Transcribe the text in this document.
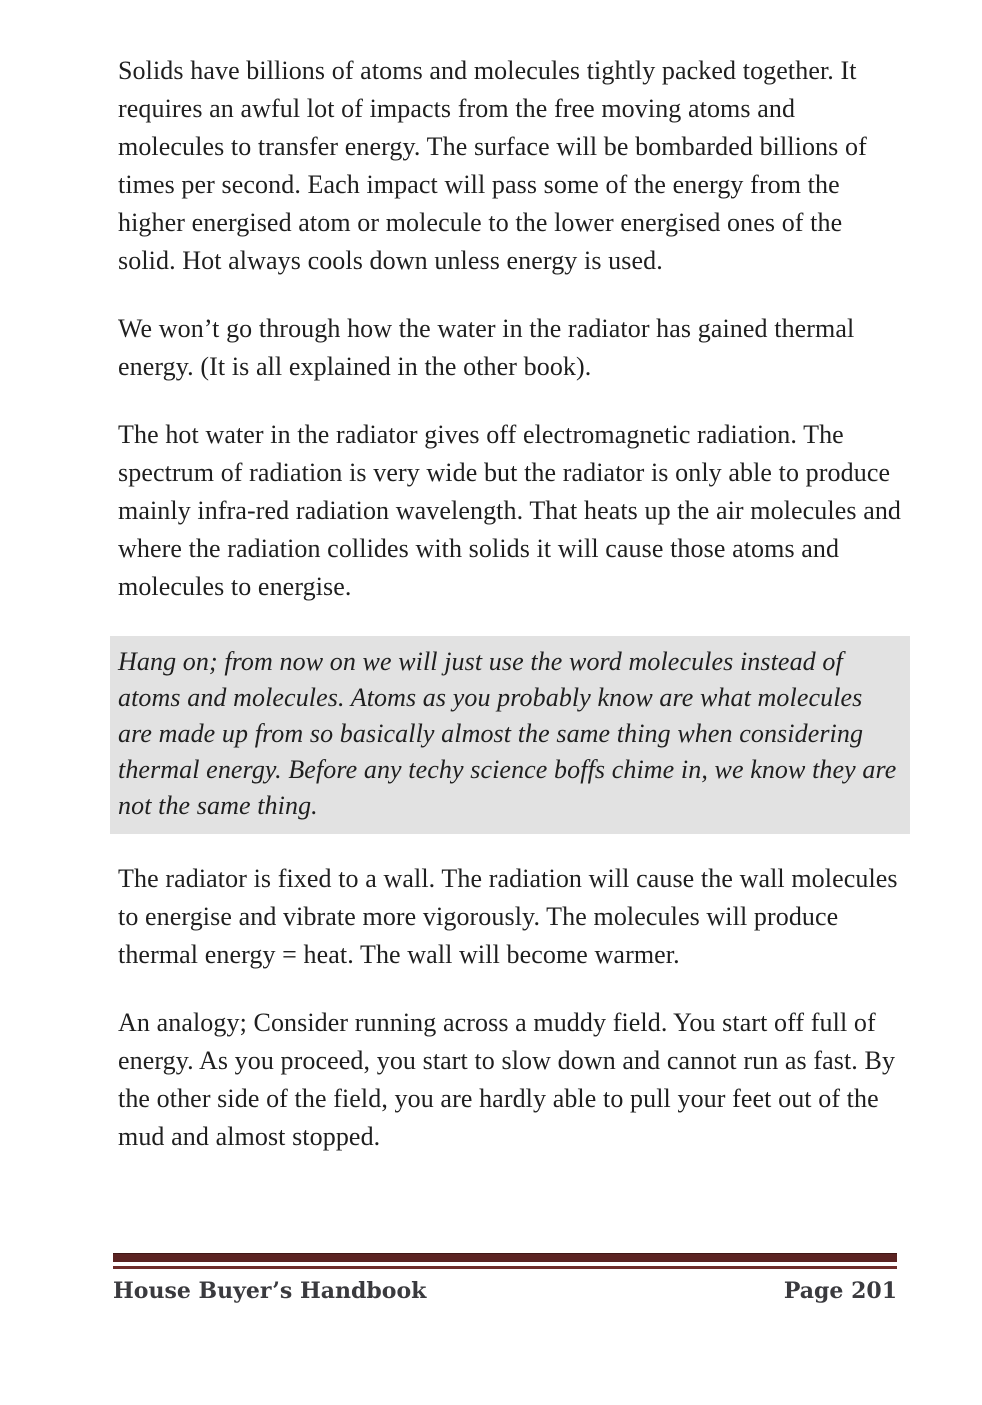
Solids have billions of atoms and molecules tightly packed together. It requires an awful lot of impacts from the free moving atoms and molecules to transfer energy. The surface will be bombarded billions of times per second. Each impact will pass some of the energy from the higher energised atom or molecule to the lower energised ones of the solid. Hot always cools down unless energy is used.

We won’t go through how the water in the radiator has gained thermal energy. (It is all explained in the other book).

The hot water in the radiator gives off electromagnetic radiation. The spectrum of radiation is very wide but the radiator is only able to produce mainly infra-red radiation wavelength. That heats up the air molecules and where the radiation collides with solids it will cause those atoms and molecules to energise.

Hang on; from now on we will just use the word molecules instead of atoms and molecules. Atoms as you probably know are what molecules are made up from so basically almost the same thing when considering thermal energy. Before any techy science boffs chime in, we know they are not the same thing.

The radiator is fixed to a wall. The radiation will cause the wall molecules to energise and vibrate more vigorously. The molecules will produce thermal energy = heat. The wall will become warmer.

An analogy; Consider running across a muddy field. You start off full of energy. As you proceed, you start to slow down and cannot run as fast. By the other side of the field, you are hardly able to pull your feet out of the mud and almost stopped.

House Buyer’s Handbook	Page 201
